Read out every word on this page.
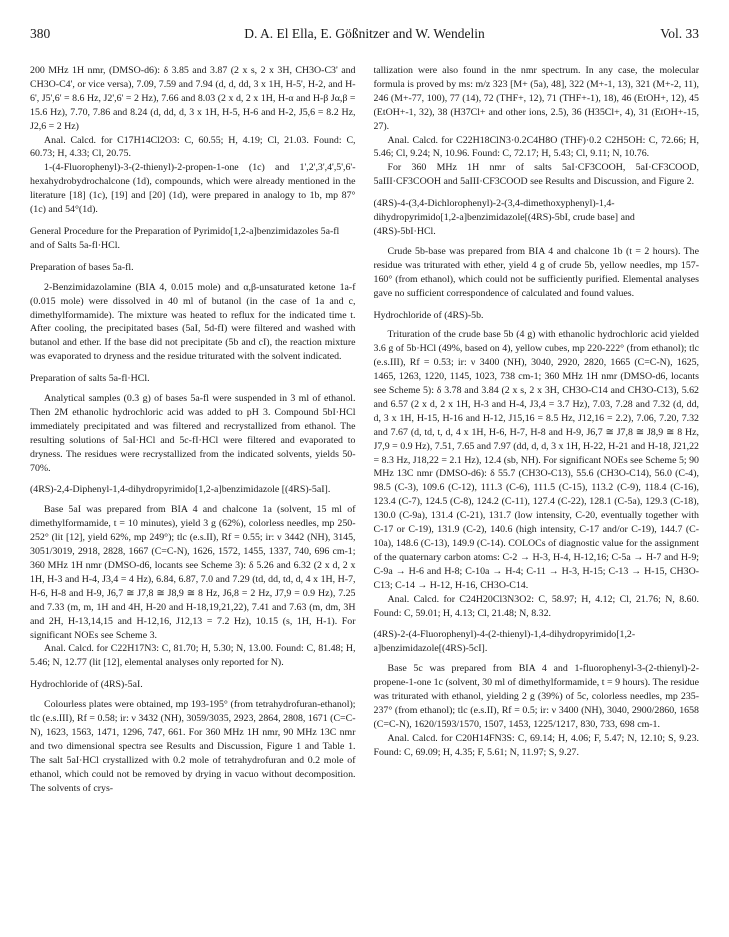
380	D. A. El Ella, E. Gößnitzer and W. Wendelin	Vol. 33

200 MHz 1H nmr, (DMSO-d6): δ 3.85 and 3.87 (2 x s, 2 x 3H, CH3O-C3' and CH3O-C4', or vice versa), 7.09, 7.59 and 7.94 (d, d, dd, 3 x 1H, H-5', H-2, and H-6', J5',6' = 8.6 Hz, J2',6' = 2 Hz), 7.66 and 8.03 (2 x d, 2 x 1H, H-α and H-β Jα,β = 15.6 Hz), 7.70, 7.86 and 8.24 (d, dd, d, 3 x 1H, H-5, H-6 and H-2, J5,6 = 8.2 Hz, J2,6 = 2 Hz)

Anal. Calcd. for C17H14Cl2O3: C, 60.55; H, 4.19; Cl, 21.03. Found: C, 60.73; H, 4.33; Cl, 20.75.

1-(4-Fluorophenyl)-3-(2-thienyl)-2-propen-1-one (1c) and 1',2',3',4',5',6'-hexahydrobydrochalcone (1d), compounds, which were already mentioned in the literature [18] (1c), [19] and [20] (1d), were prepared in analogy to 1b, mp 87°(1c) and 54°(1d).

General Procedure for the Preparation of Pyrimido[1,2-a]benzimidazoles 5a-fl and of Salts 5a-fl·HCl.

Preparation of bases 5a-fl.

2-Benzimidazolamine (BIA 4, 0.015 mole) and α,β-unsaturated ketone 1a-f (0.015 mole) were dissolved in 40 ml of butanol (in the case of 1a and c, dimethylformamide). The mixture was heated to reflux for the indicated time t. After cooling, the precipitated bases (5aI, 5d-fI) were filtered and washed with butanol and ether. If the base did not precipitate (5b and cI), the reaction mixture was evaporated to dryness and the residue triturated with the solvent indicated.

Preparation of salts 5a-fl·HCl.

Analytical samples (0.3 g) of bases 5a-fl were suspended in 3 ml of ethanol. Then 2M ethanolic hydrochloric acid was added to pH 3. Compound 5bI·HCl immediately precipitated and was filtered and recrystallized from ethanol. The resulting solutions of 5aI·HCl and 5c-fI·HCl were filtered and evaporated to dryness. The residues were recrystallized from the indicated solvents, yields 50-70%.

(4RS)-2,4-Diphenyl-1,4-dihydropyrimido[1,2-a]benzimidazole [(4RS)-5aI].

Base 5aI was prepared from BIA 4 and chalcone 1a (solvent, 15 ml of dimethylformamide, t = 10 minutes), yield 3 g (62%), colorless needles, mp 250-252° (lit [12], yield 62%, mp 249°); tlc (e.s.II), Rf = 0.55; ir: ν 3442 (NH), 3145, 3051/3019, 2918, 2828, 1667 (C=C-N), 1626, 1572, 1455, 1337, 740, 696 cm-1; 360 MHz 1H nmr (DMSO-d6, locants see Scheme 3): δ 5.26 and 6.32 (2 x d, 2 x 1H, H-3 and H-4, J3,4 = 4 Hz), 6.84, 6.87, 7.0 and 7.29 (td, dd, td, d, 4 x 1H, H-7, H-6, H-8 and H-9, J6,7 ≅ J7,8 ≅ J8,9 ≅ 8 Hz, J6,8 = 2 Hz, J7,9 = 0.9 Hz), 7.25 and 7.33 (m, m, 1H and 4H, H-20 and H-18,19,21,22), 7.41 and 7.63 (m, dm, 3H and 2H, H-13,14,15 and H-12,16, J12,13 = 7.2 Hz), 10.15 (s, 1H, H-1). For significant NOEs see Scheme 3.

Anal. Calcd. for C22H17N3: C, 81.70; H, 5.30; N, 13.00. Found: C, 81.48; H, 5.46; N, 12.77 (lit [12], elemental analyses only reported for N).

Hydrochloride of (4RS)-5aI.

Colourless plates were obtained, mp 193-195° (from tetrahydrofuran-ethanol); tlc (e.s.III), Rf = 0.58; ir: ν 3432 (NH), 3059/3035, 2923, 2864, 2808, 1671 (C=C-N), 1623, 1563, 1471, 1296, 747, 661. For 360 MHz 1H nmr, 90 MHz 13C nmr and two dimensional spectra see Results and Discussion, Figure 1 and Table 1. The salt 5aI·HCl crystallized with 0.2 mole of tetrahydrofuran and 0.2 mole of ethanol, which could not be removed by drying in vacuo without decomposition. The solvents of crys-

tallization were also found in the nmr spectrum. In any case, the molecular formula is proved by ms: m/z 323 [M+ (5a), 48], 322 (M+-1, 13), 321 (M+-2, 11), 246 (M+-77, 100), 77 (14), 72 (THF+, 12), 71 (THF+-1), 18), 46 (EtOH+, 12), 45 (EtOH+-1, 32), 38 (H37Cl+ and other ions, 2.5), 36 (H35Cl+, 4), 31 (EtOH+-15, 27).

Anal. Calcd. for C22H18ClN3·0.2C4H8O (THF)·0.2 C2H5OH: C, 72.66; H, 5.46; Cl, 9.24; N, 10.96. Found: C, 72.17; H, 5.43; Cl, 9.11; N, 10.76.

For 360 MHz 1H nmr of salts 5aI·CF3COOH, 5aI·CF3COOD, 5aIII·CF3COOH and 5aIII·CF3COOD see Results and Discussion, and Figure 2.

(4RS)-4-(3,4-Dichlorophenyl)-2-(3,4-dimethoxyphenyl)-1,4-dihydropyrimido[1,2-a]benzimidazole[(4RS)-5bI, crude base] and (4RS)-5bI·HCl.

Crude 5b-base was prepared from BIA 4 and chalcone 1b (t = 2 hours). The residue was triturated with ether, yield 4 g of crude 5b, yellow needles, mp 157-160° (from ethanol), which could not be sufficiently purified. Elemental analyses gave no sufficient correspondence of calculated and found values.

Hydrochloride of (4RS)-5b.

Trituration of the crude base 5b (4 g) with ethanolic hydrochloric acid yielded 3.6 g of 5b·HCl (49%, based on 4), yellow cubes, mp 220-222° (from ethanol); tlc (e.s.III), Rf = 0.53; ir: ν 3400 (NH), 3040, 2920, 2820, 1665 (C=C-N), 1625, 1465, 1263, 1220, 1145, 1023, 738 cm-1; 360 MHz 1H nmr (DMSO-d6, locants see Scheme 5): δ 3.78 and 3.84 (2 x s, 2 x 3H, CH3O-C14 and CH3O-C13), 5.62 and 6.57 (2 x d, 2 x 1H, H-3 and H-4, J3,4 = 3.7 Hz), 7.03, 7.28 and 7.32 (d, dd, d, 3 x 1H, H-15, H-16 and H-12, J15,16 = 8.5 Hz, J12,16 = 2.2), 7.06, 7.20, 7.32 and 7.67 (d, td, t, d, 4 x 1H, H-6, H-7, H-8 and H-9, J6,7 ≅ J7,8 ≅ J8,9 ≅ 8 Hz, J7,9 = 0.9 Hz), 7.51, 7.65 and 7.97 (dd, d, d, 3 x 1H, H-22, H-21 and H-18, J21,22 = 8.3 Hz, J18,22 = 2.1 Hz), 12.4 (sb, NH). For significant NOEs see Scheme 5; 90 MHz 13C nmr (DMSO-d6): δ 55.7 (CH3O-C13), 55.6 (CH3O-C14), 56.0 (C-4), 98.5 (C-3), 109.6 (C-12), 111.3 (C-6), 111.5 (C-15), 113.2 (C-9), 118.4 (C-16), 123.4 (C-7), 124.5 (C-8), 124.2 (C-11), 127.4 (C-22), 128.1 (C-5a), 129.3 (C-18), 130.0 (C-9a), 131.4 (C-21), 131.7 (low intensity, C-20, eventually together with C-17 or C-19), 131.9 (C-2), 140.6 (high intensity, C-17 and/or C-19), 144.7 (C-10a), 148.6 (C-13), 149.9 (C-14). COLOCs of diagnostic value for the assignment of the quaternary carbon atoms: C-2 → H-3, H-4, H-12,16; C-5a → H-7 and H-9; C-9a → H-6 and H-8; C-10a → H-4; C-11 → H-3, H-15; C-13 → H-15, CH3O-C13; C-14 → H-12, H-16, CH3O-C14.

Anal. Calcd. for C24H20Cl3N3O2: C, 58.97; H, 4.12; Cl, 21.76; N, 8.60. Found: C, 59.01; H, 4.13; Cl, 21.48; N, 8.32.

(4RS)-2-(4-Fluorophenyl)-4-(2-thienyl)-1,4-dihydropyrimido[1,2-a]benzimidazole[(4RS)-5cI].

Base 5c was prepared from BIA 4 and 1-fluorophenyl-3-(2-thienyl)-2-propene-1-one 1c (solvent, 30 ml of dimethylformamide, t = 9 hours). The residue was triturated with ethanol, yielding 2 g (39%) of 5c, colorless needles, mp 235-237° (from ethanol); tlc (e.s.II), Rf = 0.5; ir: ν 3400 (NH), 3040, 2900/2860, 1658 (C=C-N), 1620/1593/1570, 1507, 1453, 1225/1217, 830, 733, 698 cm-1.

Anal. Calcd. for C20H14FN3S: C, 69.14; H, 4.06; F, 5.47; N, 12.10; S, 9.23. Found: C, 69.09; H, 4.35; F, 5.61; N, 11.97; S, 9.27.
